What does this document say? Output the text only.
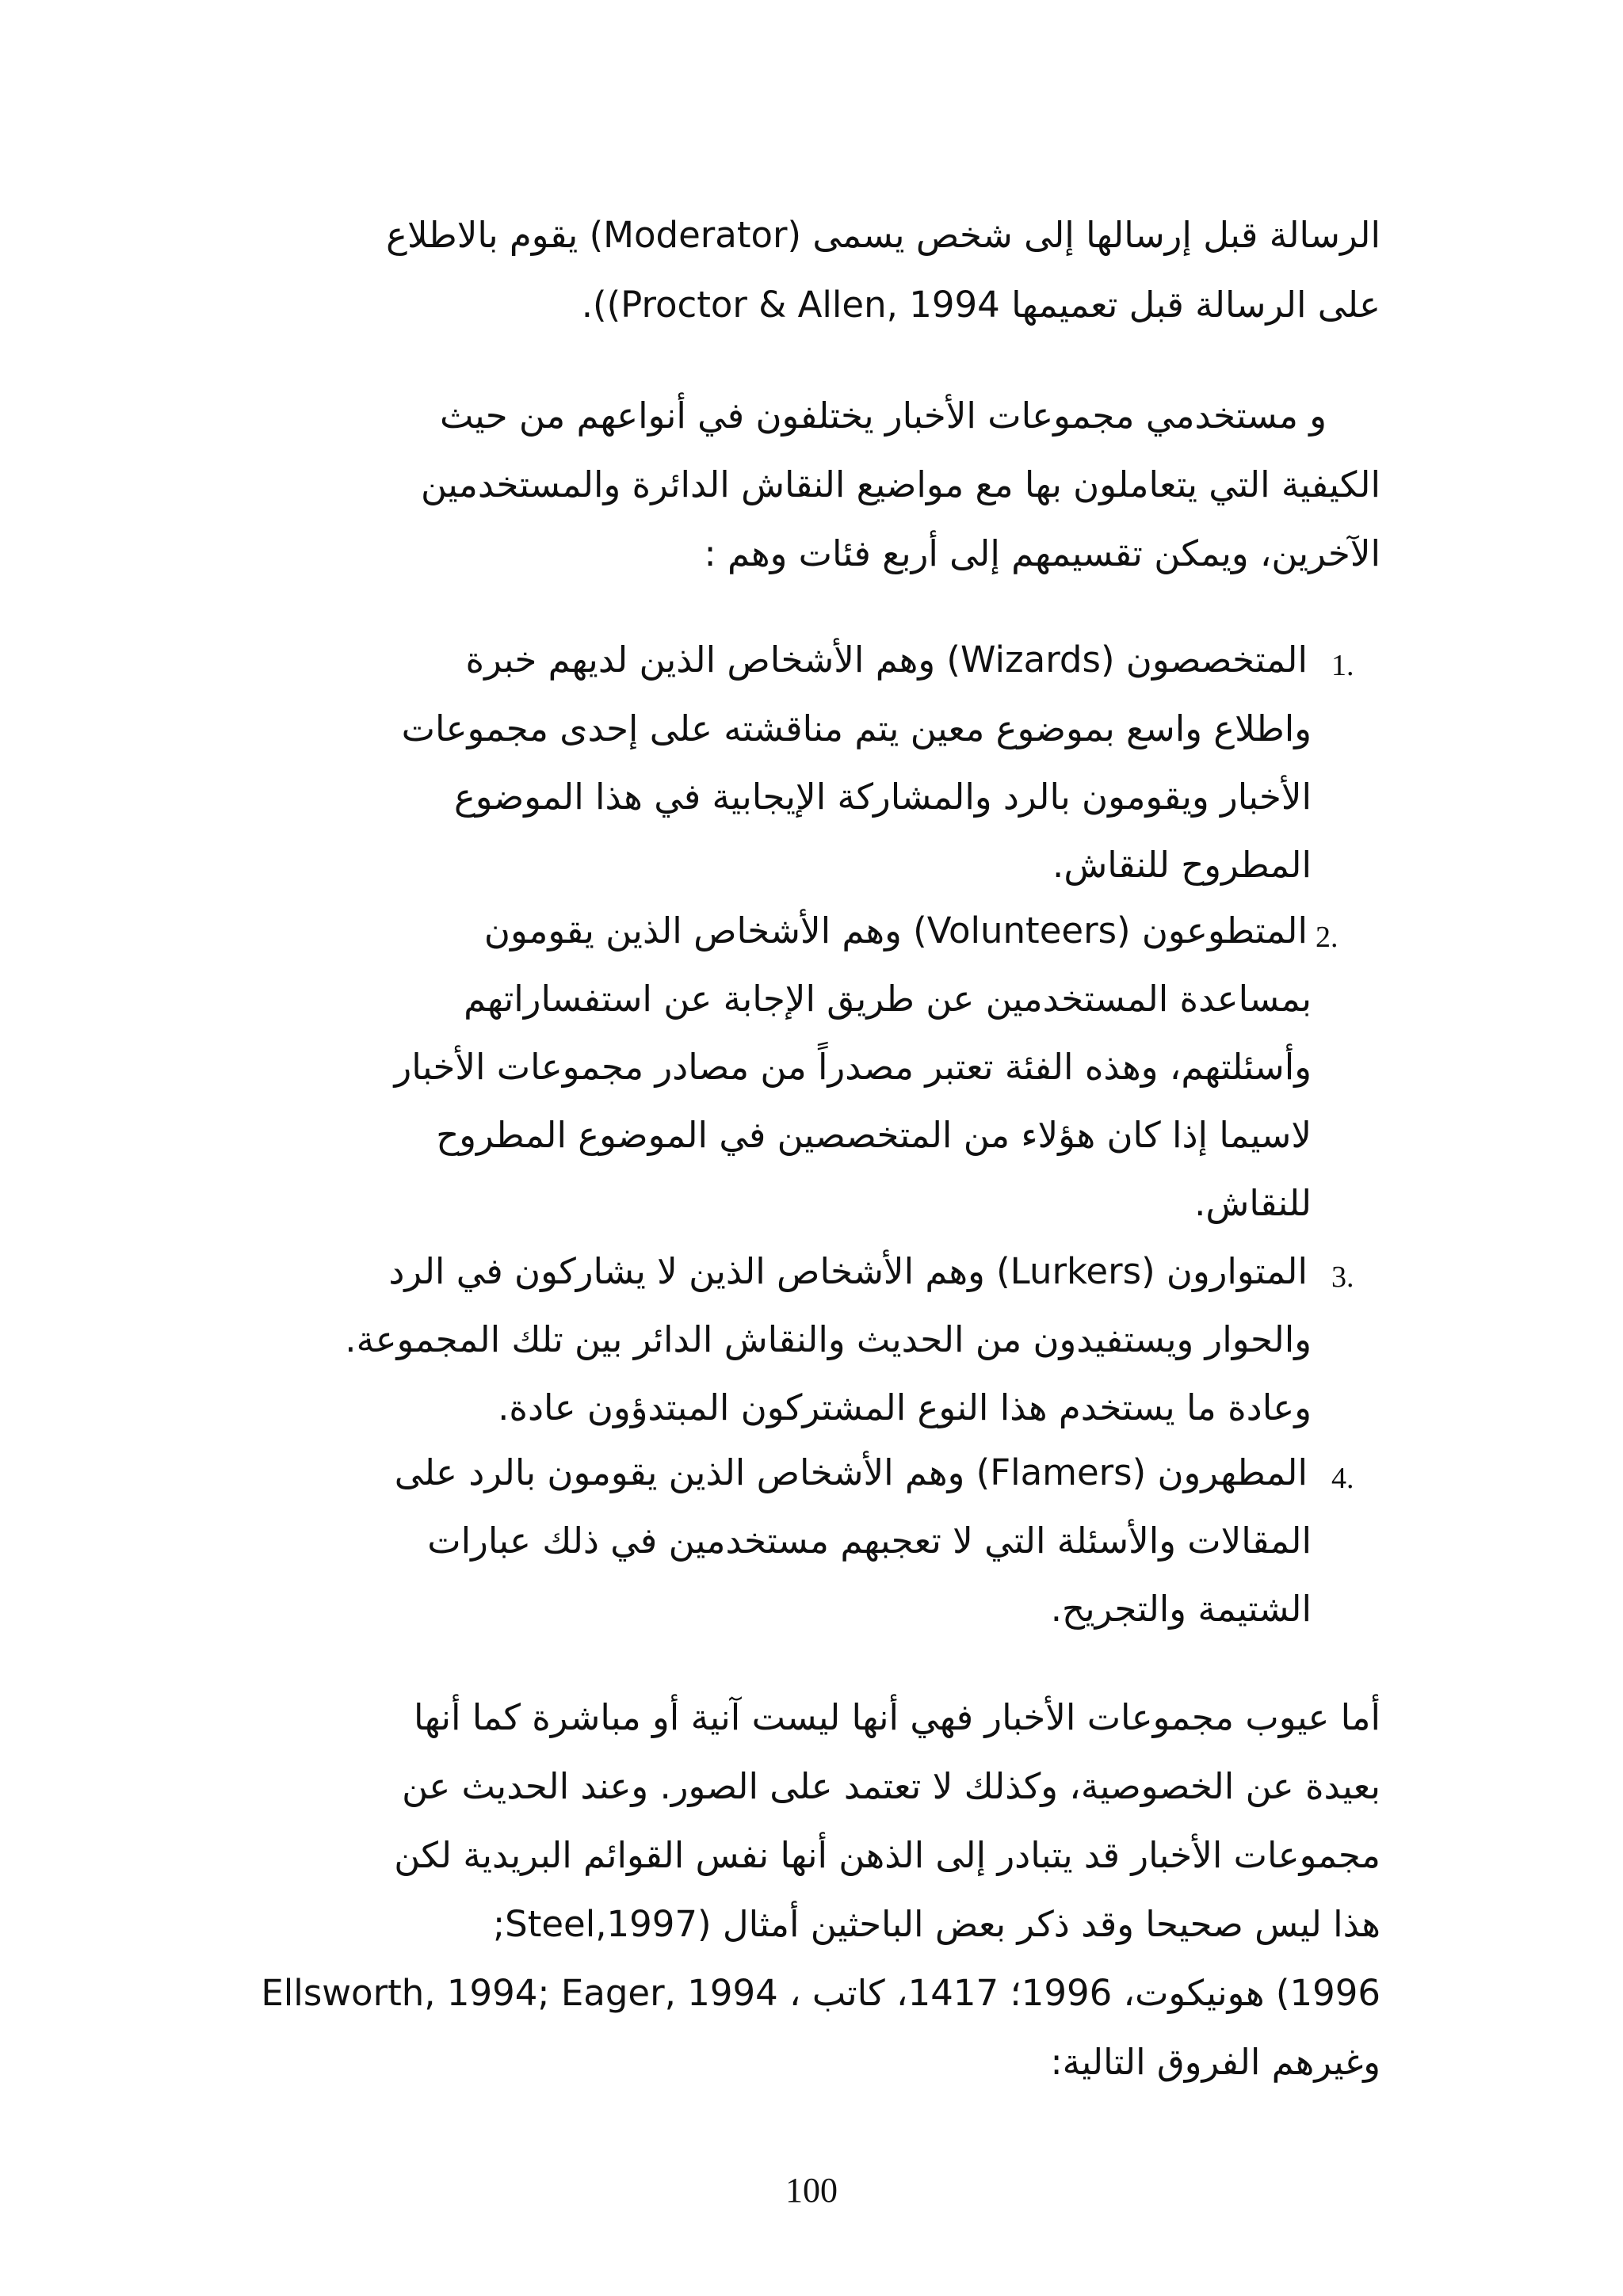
الرسالة قبل إرسالها إلى شخص يسمى (Moderator) يقوم بالاطلاع
على الرسالة قبل تعميمها Proctor & Allen, 1994)).
و مستخدمي مجموعات الأخبار يختلفون في أنواعهم من حيث
الكيفية التي يتعاملون بها مع مواضيع النقاش الدائرة والمستخدمين
الآخرين، ويمكن تقسيمهم إلى أربع فئات وهم :
1.
المتخصصون (Wizards) وهم الأشخاص الذين لديهم خبرة
واطلاع واسع بموضوع معين يتم مناقشته على إحدى مجموعات
الأخبار ويقومون بالرد والمشاركة الإيجابية في هذا الموضوع
المطروح للنقاش.
2.
المتطوعون (Volunteers) وهم الأشخاص الذين يقومون
بمساعدة المستخدمين عن طريق الإجابة عن استفساراتهم
وأسئلتهم، وهذه الفئة تعتبر مصدراً من مصادر مجموعات الأخبار
لاسيما إذا كان هؤلاء من المتخصصين في الموضوع المطروح
للنقاش.
3.
المتوارون (Lurkers) وهم الأشخاص الذين لا يشاركون في الرد
والحوار ويستفيدون من الحديث والنقاش الدائر بين تلك المجموعة.
وعادة ما يستخدم هذا النوع المشتركون المبتدؤون عادة.
4.
المطهرون (Flamers) وهم الأشخاص الذين يقومون بالرد على
المقالات والأسئلة التي لا تعجبهم مستخدمين في ذلك عبارات
الشتيمة والتجريح.
أما عيوب مجموعات الأخبار فهي أنها ليست آنية أو مباشرة كما أنها
بعيدة عن الخصوصية، وكذلك لا تعتمد على الصور. وعند الحديث عن
مجموعات الأخبار قد يتبادر إلى الذهن أنها نفس القوائم البريدية لكن
هذا ليس صحيحا وقد ذكر بعض الباحثين أمثال (Steel,1997;
1996) هونيكوت، 1996؛ 1417، كاتب ، Ellsworth, 1994; Eager, 1994
وغيرهم الفروق التالية:
100
